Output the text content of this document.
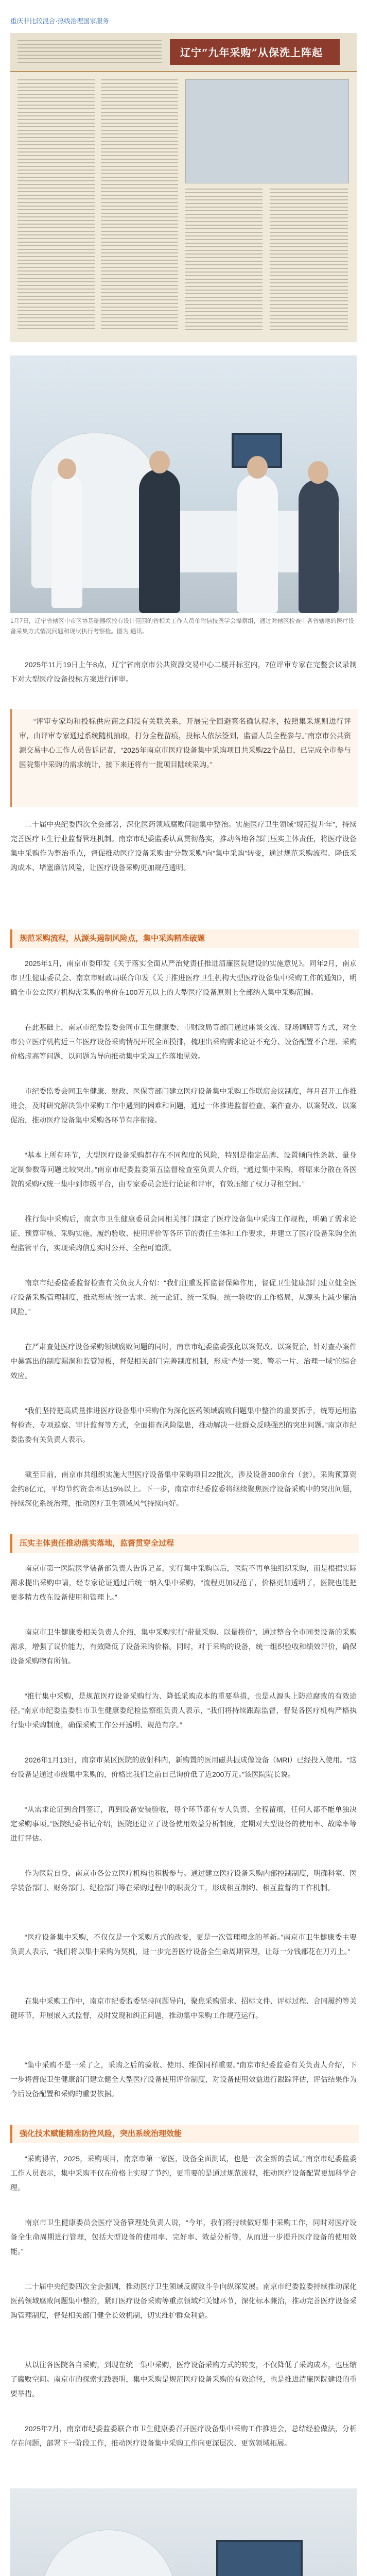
重庆非比较混合·热线治理国家服务
辽宁“九年采购”从保洗上阵起
1月7日，辽宁省辖区中市区协基础器疾控有设计范围的省相关工作人员单附信技医学会操察组，通过对辖区检查中各省辖地的医疗设备采集方式情况问题和现状执行考察检。图为 通讯。

2025年11月19日上午8点，辽宁省南京市公共资源交易中心二楼开标室内，7位评审专家在完整会议录制下对大型医疗设备投标方案进行评审。

“评审专家均和投标供应商之间没有关联关系，开展完全回避签名确认程序，按照集采规则进行评审，由评审专家通过系统随机抽取，打分全程留痕，投标人依法签到，监督人员全程参与。”南京市公共资源交易中心工作人员告诉记者，“2025年南京市医疗设备集中采购项目共采购22个品目，已完成全市参与医院集中采购的需求统计，接下来还将有一批项目陆续采购。”

二十届中央纪委四次全会部署，深化医药领域腐败问题集中整治。实施医疗卫生领域“规范提升年”，持续完善医疗卫生行业监督管理机制。南京市纪委监委认真贯彻落实，推动各地各部门压实主体责任，将医疗设备集中采购作为整治重点，督促推动医疗设备采购由“分散采购”向“集中采购”转变，通过规范采购流程、降低采购成本、堵塞廉洁风险，让医疗设备采购更加规范透明。

规范采购流程，从源头遏制风险点，集中采购精准破题

2025年1月，南京市委印发《关于落实全面从严治党责任推进清廉医院建设的实施意见》。同年2月，南京市卫生健康委员会、南京市财政局联合印发《关于推进医疗卫生机构大型医疗设备集中采购工作的通知》，明确全市公立医疗机构需采购的单价在100万元以上的大型医疗设备原则上全部纳入集中采购范围。

在此基础上，南京市纪委监委会同市卫生健康委、市财政局等部门通过座谈交流、现场调研等方式，对全市公立医疗机构近三年医疗设备采购情况开展全面摸排，梳理出采购需求论证不充分、设备配置不合理、采购价格虚高等问题，以问题为导向推动集中采购工作落地见效。

市纪委监委会同卫生健康、财政、医保等部门建立医疗设备集中采购工作联席会议制度，每月召开工作推进会，及时研究解决集中采购工作中遇到的困难和问题，通过一体推进监督检查、案件查办、以案促改、以案促治，推动医疗设备集中采购各环节有序衔接。

“基本上所有环节，大型医疗设备采购都存在不同程度的风险，特别是指定品牌、设置倾向性条款、量身定制参数等问题比较突出。”南京市纪委监委第五监督检查室负责人介绍，“通过集中采购，将原来分散在各医院的采购权统一集中到市级平台，由专家委员会进行论证和评审，有效压缩了权力寻租空间。”

推行集中采购后，南京市卫生健康委员会同相关部门制定了医疗设备集中采购工作规程，明确了需求论证、预算审核、采购实施、履约验收、使用评价等各环节的责任主体和工作要求，并建立了医疗设备采购全流程监管平台，实现采购信息实时公开、全程可追溯。

南京市纪委监委监督检查有关负责人介绍：“我们注重发挥监督保障作用，督促卫生健康部门建立健全医疗设备采购管理制度，推动形成‘统一需求、统一论证、统一采购、统一验收’的工作格局，从源头上减少廉洁风险。”

在严肃查处医疗设备采购领域腐败问题的同时，南京市纪委监委强化以案促改、以案促治，针对查办案件中暴露出的制度漏洞和监管短板，督促相关部门完善制度机制，形成“查处一案、警示一片、治理一域”的综合效应。

“我们坚持把高质量推进医疗设备集中采购作为深化医药领域腐败问题集中整治的重要抓手，统筹运用监督检查、专项巡察、审计监督等方式，全面排查风险隐患，推动解决一批群众反映强烈的突出问题。”南京市纪委监委有关负责人表示。

截至目前，南京市共组织实施大型医疗设备集中采购项目22批次，涉及设备300余台（套），采购预算资金约8亿元，平均节约资金率达15%以上。下一步，南京市纪委监委将继续聚焦医疗设备采购中的突出问题，持续深化系统治理，推动医疗卫生领域风气持续向好。

压实主体责任推动落实落地，监督贯穿全过程

南京市第一医院医学装备部负责人告诉记者，实行集中采购以后，医院不再单独组织采购，而是根据实际需求提出采购申请，经专家论证通过后统一纳入集中采购，“流程更加规范了，价格更加透明了，医院也能把更多精力放在设备使用和管理上。”

南京市卫生健康委相关负责人介绍，集中采购实行“带量采购、以量换价”，通过整合全市同类设备的采购需求，增强了议价能力，有效降低了设备采购价格。同时，对于采购的设备，统一组织验收和绩效评价，确保设备采购物有所值。

“推行集中采购，是规范医疗设备采购行为、降低采购成本的重要举措，也是从源头上防范腐败的有效途径。”南京市纪委监委驻市卫生健康委纪检监察组负责人表示，“我们将持续跟踪监督，督促各医疗机构严格执行集中采购制度，确保采购工作公开透明、规范有序。”

2026年1月13日，南京市某区医院的放射科内，新购置的医用磁共振成像设备（MRI）已经投入使用。“这台设备是通过市级集中采购的，价格比我们之前自己询价低了近200万元。”该医院院长说。

“从需求论证到合同签订，再到设备安装验收，每个环节都有专人负责、全程留痕，任何人都不能单独决定采购事项。”医院纪委书记介绍，医院还建立了设备使用效益分析制度，定期对大型设备的使用率、故障率等进行评估。

作为医院自身，南京市各公立医疗机构也积极参与。通过建立医疗设备采购内部控制制度，明确科室、医学装备部门、财务部门、纪检部门等在采购过程中的职责分工，形成相互制约、相互监督的工作机制。

“医疗设备集中采购，不仅仅是一个采购方式的改变，更是一次管理理念的革新。”南京市卫生健康委主要负责人表示，“我们将以集中采购为契机，进一步完善医疗设备全生命周期管理，让每一分钱都花在刀刃上。”

在集中采购工作中，南京市纪委监委坚持问题导向，聚焦采购需求、招标文件、评标过程、合同履约等关键环节，开展嵌入式监督，及时发现和纠正问题，推动集中采购工作规范运行。

“集中采购不是一采了之，采购之后的验收、使用、维保同样重要。”南京市纪委监委有关负责人介绍，下一步将督促卫生健康部门建立健全大型医疗设备使用评价制度，对设备使用效益进行跟踪评估，评估结果作为今后设备配置和采购的重要依据。

强化技术赋能精准防控风险，突出系统治理效能

“采购得省，2025，采购项目，南京市第一家医，设备全面测试，也是一次全新的尝试。”南京市纪委监委工作人员表示，集中采购不仅在价格上实现了节约，更重要的是通过规范流程，推动医疗设备配置更加科学合理。

南京市卫生健康委员会医疗设备管理处负责人说，“今年，我们将持续做好集中采购工作，同时对医疗设备全生命周期进行管理，包括大型设备的使用率、完好率、效益分析等，从而进一步提升医疗设备的使用效能。”

二十届中央纪委四次全会强调，推动医疗卫生领域反腐败斗争向纵深发展。南京市纪委监委持续推动深化医药领域腐败问题集中整治，紧盯医疗设备采购等重点领域和关键环节，深化标本兼治，推动完善医疗设备采购管理制度，督促相关部门健全长效机制，切实维护群众利益。

从以往各医院各自采购，到现在统一集中采购，医疗设备采购方式的转变，不仅降低了采购成本，也压缩了腐败空间。南京市的探索实践表明，集中采购是规范医疗设备采购的有效途径，也是推进清廉医院建设的重要举措。

2025年7月，南京市纪委监委联合市卫生健康委召开医疗设备集中采购工作推进会，总结经验做法，分析存在问题，部署下一阶段工作，推动医疗设备集中采购工作向更深层次、更宽领域拓展。
